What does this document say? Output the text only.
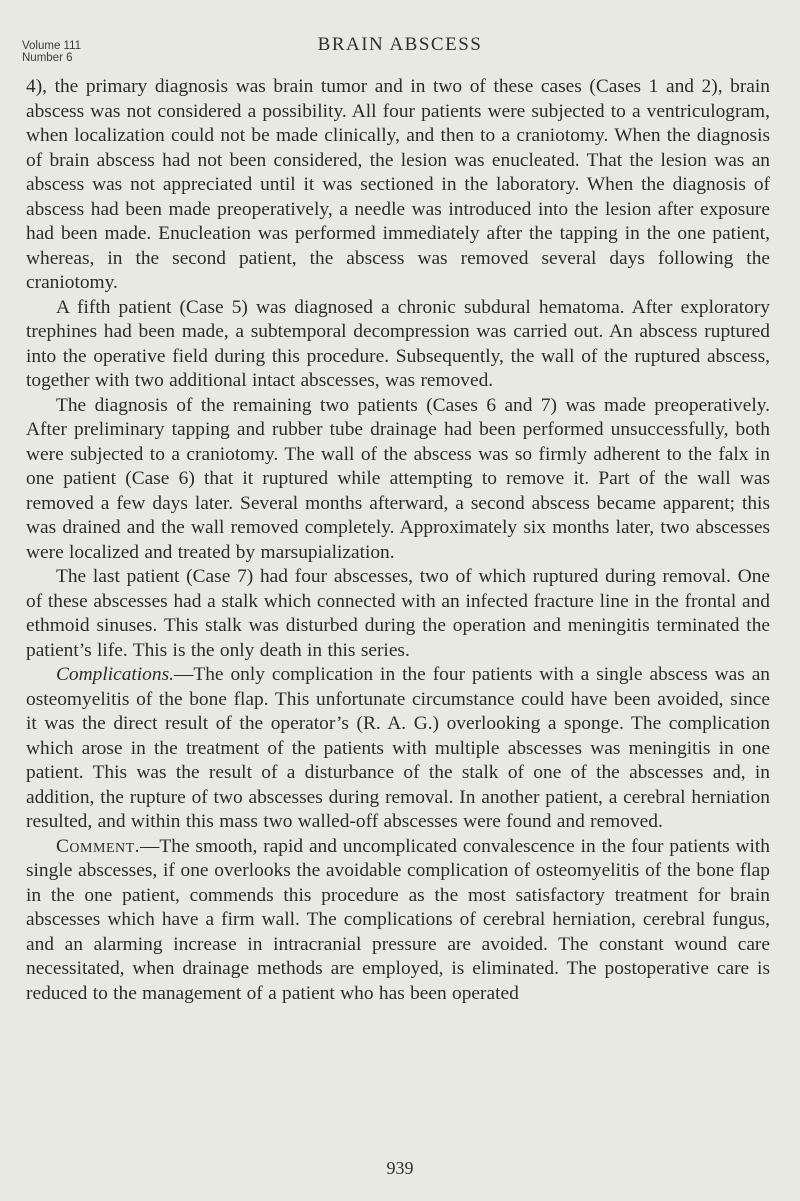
Volume 111
Number 6
BRAIN ABSCESS

4), the primary diagnosis was brain tumor and in two of these cases (Cases 1 and 2), brain abscess was not considered a possibility. All four patients were subjected to a ventriculogram, when localization could not be made clinically, and then to a craniotomy. When the diagnosis of brain abscess had not been considered, the lesion was enucleated. That the lesion was an abscess was not appreciated until it was sectioned in the laboratory. When the diagnosis of abscess had been made preoperatively, a needle was introduced into the lesion after exposure had been made. Enucleation was performed immediately after the tapping in the one patient, whereas, in the second patient, the abscess was removed several days following the craniotomy.

A fifth patient (Case 5) was diagnosed a chronic subdural hematoma. After exploratory trephines had been made, a subtemporal decompression was carried out. An abscess ruptured into the operative field during this procedure. Subsequently, the wall of the ruptured abscess, together with two additional intact abscesses, was removed.

The diagnosis of the remaining two patients (Cases 6 and 7) was made preoperatively. After preliminary tapping and rubber tube drainage had been performed unsuccessfully, both were subjected to a craniotomy. The wall of the abscess was so firmly adherent to the falx in one patient (Case 6) that it ruptured while attempting to remove it. Part of the wall was removed a few days later. Several months afterward, a second abscess became apparent; this was drained and the wall removed completely. Approximately six months later, two abscesses were localized and treated by marsupialization.

The last patient (Case 7) had four abscesses, two of which ruptured during removal. One of these abscesses had a stalk which connected with an infected fracture line in the frontal and ethmoid sinuses. This stalk was disturbed during the operation and meningitis terminated the patient’s life. This is the only death in this series.

Complications.—The only complication in the four patients with a single abscess was an osteomyelitis of the bone flap. This unfortunate circumstance could have been avoided, since it was the direct result of the operator’s (R. A. G.) overlooking a sponge. The complication which arose in the treatment of the patients with multiple abscesses was meningitis in one patient. This was the result of a disturbance of the stalk of one of the abscesses and, in addition, the rupture of two abscesses during removal. In another patient, a cerebral herniation resulted, and within this mass two walled-off abscesses were found and removed.

Comment.—The smooth, rapid and uncomplicated convalescence in the four patients with single abscesses, if one overlooks the avoidable complication of osteomyelitis of the bone flap in the one patient, commends this procedure as the most satisfactory treatment for brain abscesses which have a firm wall. The complications of cerebral herniation, cerebral fungus, and an alarming increase in intracranial pressure are avoided. The constant wound care necessitated, when drainage methods are employed, is eliminated. The postoperative care is reduced to the management of a patient who has been operated

939
